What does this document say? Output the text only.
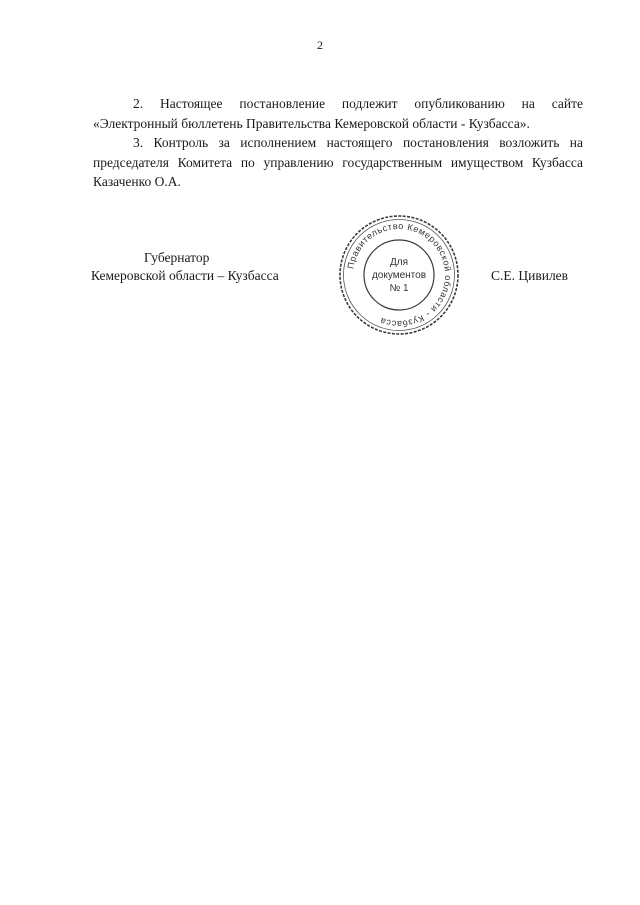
2

2. Настоящее постановление подлежит опубликованию на сайте «Электронный бюллетень Правительства Кемеровской области - Кузбасса».

3. Контроль за исполнением настоящего постановления возложить на председателя Комитета по управлению государственным имуществом Кузбасса Казаченко О.А.

Губернатор
Кемеровской области – Кузбасса	С.Е. Цивилев
Правительство Кемеровской области - Кузбасса
Для
документов
№ 1
